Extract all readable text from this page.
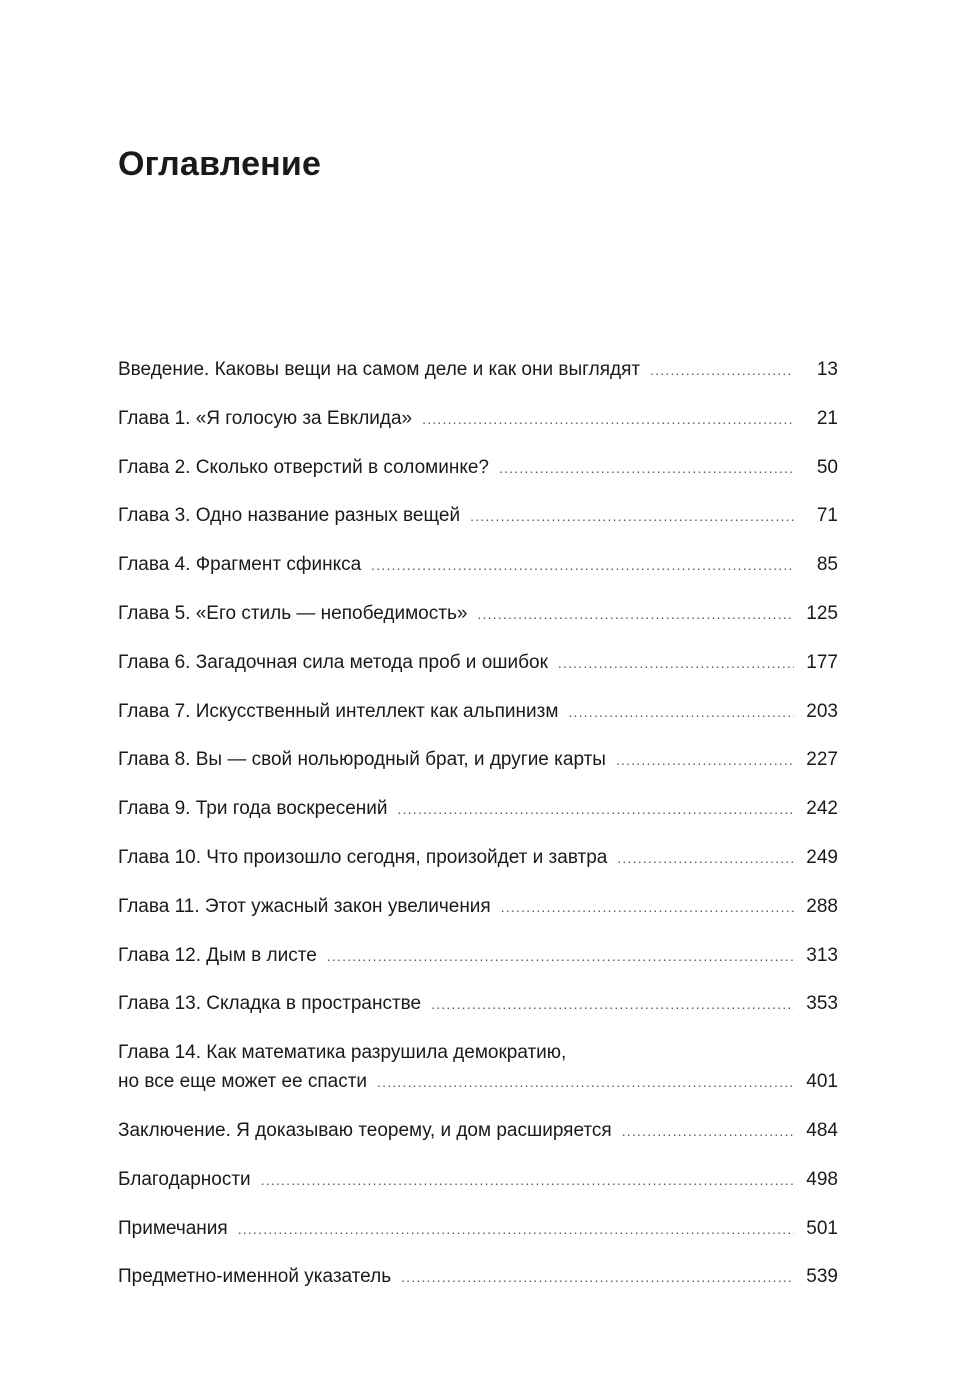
Оглавление
Введение. Каковы вещи на самом деле и как они выглядят .....	13
Глава 1. «Я голосую за Евклида» .....	21
Глава 2. Сколько отверстий в соломинке? .....	50
Глава 3. Одно название разных вещей .....	71
Глава 4. Фрагмент сфинкса .....	85
Глава 5. «Его стиль — непобедимость» .....	125
Глава 6. Загадочная сила метода проб и ошибок .....	177
Глава 7. Искусственный интеллект как альпинизм .....	203
Глава 8. Вы — свой нольюродный брат, и другие карты .....	227
Глава 9. Три года воскресений .....	242
Глава 10. Что произошло сегодня, произойдет и завтра .....	249
Глава 11. Этот ужасный закон увеличения .....	288
Глава 12. Дым в листе .....	313
Глава 13. Складка в пространстве .....	353
Глава 14. Как математика разрушила демократию,
но все еще может ее спасти .....	401
Заключение. Я доказываю теорему, и дом расширяется .....	484
Благодарности .....	498
Примечания .....	501
Предметно-именной указатель .....	539
